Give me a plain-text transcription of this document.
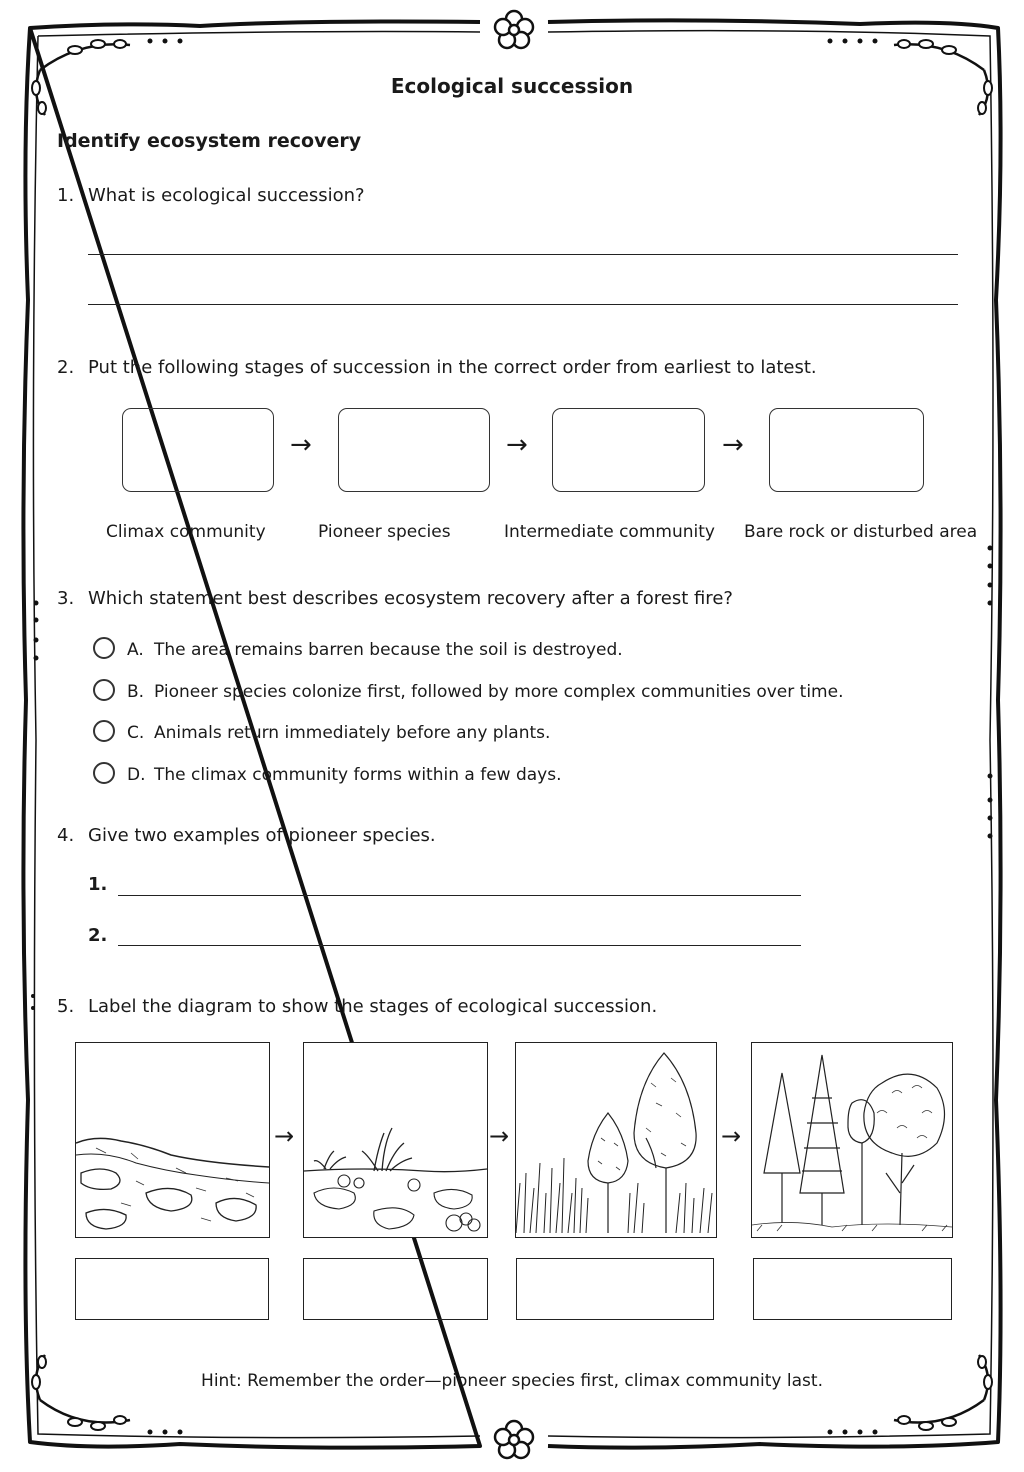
Ecological succession
Identify ecosystem recovery
1. What is ecological succession?
2. Put the following stages of succession in the correct order from earliest to latest.
→	→	→
Climax community	Pioneer species	Intermediate community Bare rock or disturbed area
3. Which statement best describes ecosystem recovery after a forest fire?
A. The area remains barren because the soil is destroyed.
B. Pioneer species colonize first, followed by more complex communities over time.
C. Animals return immediately before any plants.
D. The climax community forms within a few days.
4. Give two examples of pioneer species.
1.
2.
5. Label the diagram to show the stages of ecological succession.
→	→	→
Hint: Remember the order—pioneer species first, climax community last.
